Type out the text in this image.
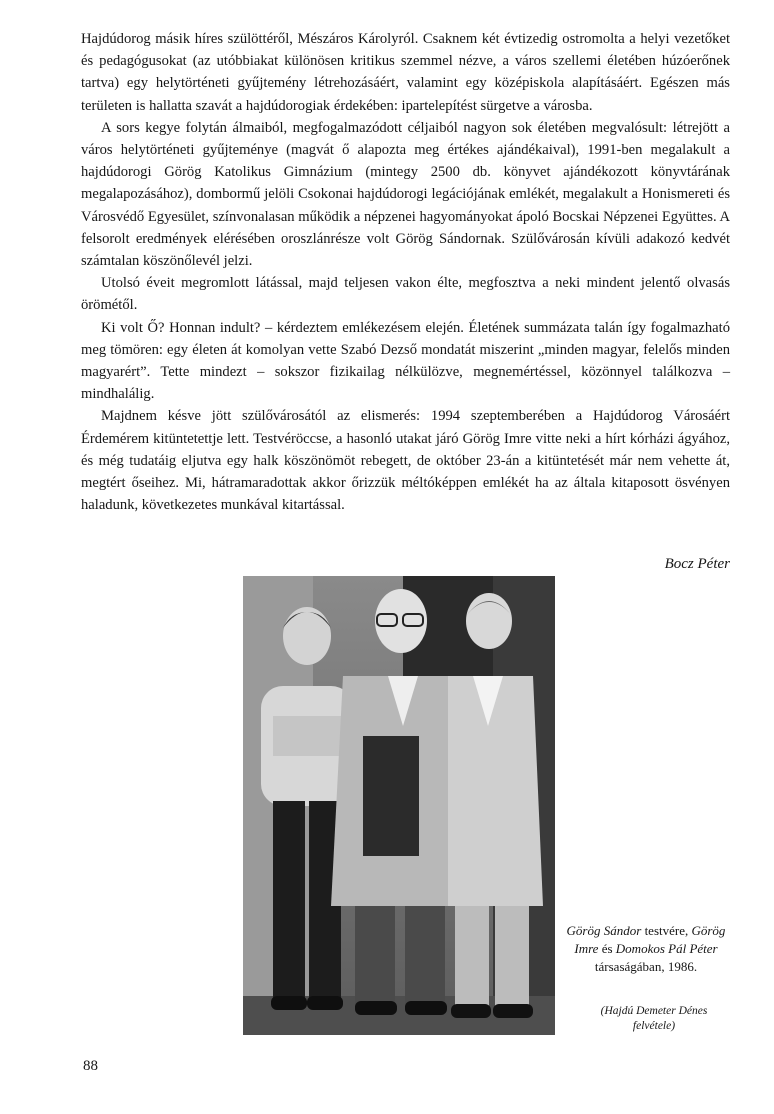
Hajdúdorog másik híres szülöttéről, Mészáros Károlyról. Csaknem két évtizedig ostromolta a helyi vezetőket és pedagógusokat (az utóbbiakat különösen kritikus szemmel nézve, a város szellemi életében húzóerőnek tartva) egy helytörténeti gyűjtemény létrehozásáért, valamint egy középiskola alapításáért. Egészen más területen is hallatta szavát a hajdúdorogiak érdekében: ipartelepítést sürgetve a városba.

A sors kegye folytán álmaiból, megfogalmazódott céljaiból nagyon sok életében megvalósult: létrejött a város helytörténeti gyűjteménye (magvát ő alapozta meg értékes ajándékaival), 1991-ben megalakult a hajdúdorogi Görög Katolikus Gimnázium (mintegy 2500 db. könyvet ajándékozott könyvtárának megalapozásához), dombormű jelöli Csokonai hajdúdorogi legációjának emlékét, megalakult a Honismereti és Városvédő Egyesület, színvonalasan működik a népzenei hagyományokat ápoló Bocskai Népzenei Együttes. A felsorolt eredmények elérésében oroszlánrésze volt Görög Sándornak. Szülővárosán kívüli adakozó kedvét számtalan köszönőlevél jelzi.

Utolsó éveit megromlott látással, majd teljesen vakon élte, megfosztva a neki mindent jelentő olvasás örömétől.

Ki volt Ő? Honnan indult? – kérdeztem emlékezésem elején. Életének summázata talán így fogalmazható meg tömören: egy életen át komolyan vette Szabó Dezső mondatát miszerint „minden magyar, felelős minden magyarért”. Tette mindezt – sokszor fizikailag nélkülözve, megnemértéssel, közönnyel találkozva – mindhalálig.

Majdnem késve jött szülővárosától az elismerés: 1994 szeptemberében a Hajdúdorog Városáért Érdemérem kitüntetettje lett. Testvéröccse, a hasonló utakat járó Görög Imre vitte neki a hírt kórházi ágyához, és még tudatáig eljutva egy halk köszönömöt rebegett, de október 23-án a kitüntetését már nem vehette át, megtért őseihez. Mi, hátramaradottak akkor őrizzük méltóképpen emlékét ha az általa kitaposott ösvényen haladunk, következetes munkával kitartással.

Bocz Péter
Görög Sándor testvére, Görög Imre és Domokos Pál Péter társaságában, 1986.
(Hajdú Demeter Dénes felvétele)
88
